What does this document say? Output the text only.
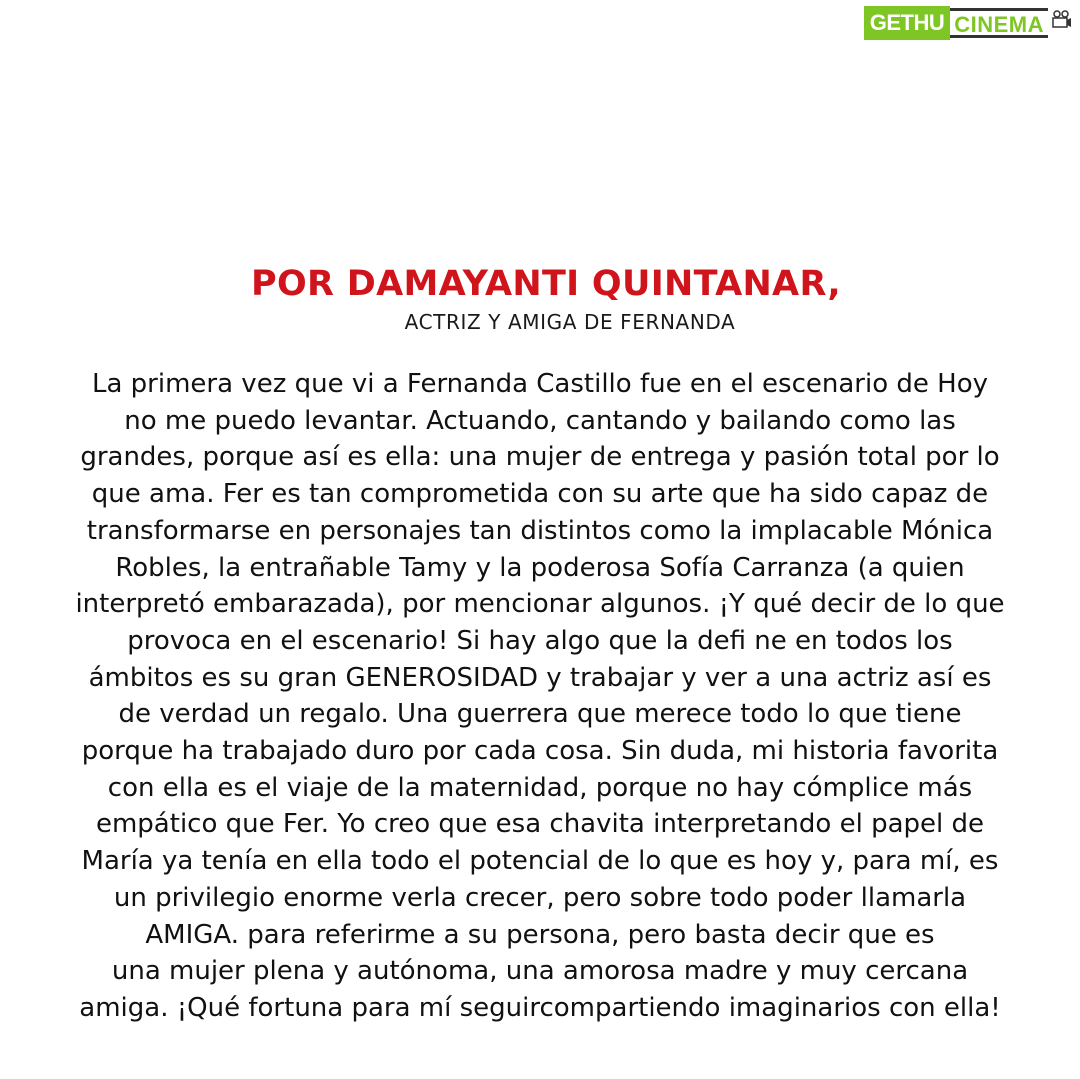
GETHU CINEMA

POR DAMAYANTI QUINTANAR,

ACTRIZ Y AMIGA DE FERNANDA

La primera vez que vi a Fernanda Castillo fue en el escenario de Hoy
no me puedo levantar. Actuando, cantando y bailando como las
grandes, porque así es ella: una mujer de entrega y pasión total por lo
que ama. Fer es tan comprometida con su arte que ha sido capaz de
transformarse en personajes tan distintos como la implacable Mónica
Robles, la entrañable Tamy y la poderosa Sofía Carranza (a quien
interpretó embarazada), por mencionar algunos. ¡Y qué decir de lo que
provoca en el escenario! Si hay algo que la defi ne en todos los
ámbitos es su gran GENEROSIDAD y trabajar y ver a una actriz así es
de verdad un regalo. Una guerrera que merece todo lo que tiene
porque ha trabajado duro por cada cosa. Sin duda, mi historia favorita
con ella es el viaje de la maternidad, porque no hay cómplice más
empático que Fer. Yo creo que esa chavita interpretando el papel de
María ya tenía en ella todo el potencial de lo que es hoy y, para mí, es
un privilegio enorme verla crecer, pero sobre todo poder llamarla
AMIGA. para referirme a su persona, pero basta decir que es
una mujer plena y autónoma, una amorosa madre y muy cercana
amiga. ¡Qué fortuna para mí seguircompartiendo imaginarios con ella!
